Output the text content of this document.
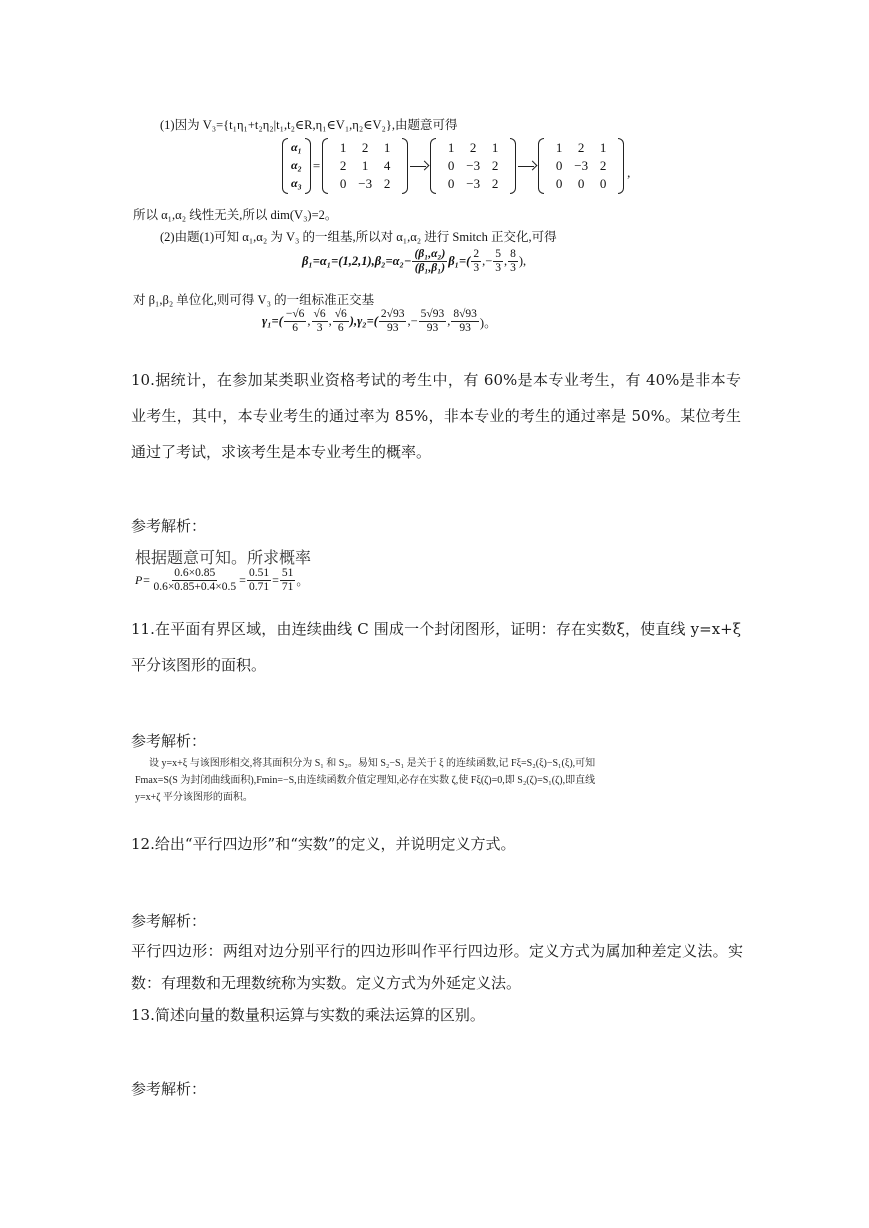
(1)因为 V₃={t₁η₁+t₂η₂|t₁,t₂∈R,η₁∈V₁,η₂∈V₂},由题意可得
α₁
α₂
α₃
=
1	2	1
2	1	4
0 −3 2
1	2	1
0 −3 2
0 −3 2
1	2	1
0 −3 2
0	0	0
,
所以 α₁,α₂ 线性无关,所以 dim(V₃)=2。
(2)由题(1)可知 α₁,α₂ 为 V₃ 的一组基,所以对 α₁,α₂ 进行 Smitch 正交化,可得
$\beta_1=\alpha_1=(1,2,1),\beta_2=\alpha_2- \frac{\text{(β₁,α₂)}}{\text{(β₁,β₁)}} \beta_1=( \frac{2}{3}$ , − $\frac{5}{3}$ , $\frac{8}{3}$ ),
对 β₁,β₂ 单位化,则可得 V₃ 的一组标准正交基
$\gamma_1=( \frac{-√6}{6}$ , $\frac{√6}{3}$ , $\frac{√6}{6} ),\gamma_2=( \frac{2√93}{93}$ , − $\frac{5√93}{93}$ , $\frac{8√93}{93}$ )。
10.据统计，在参加某类职业资格考试的考生中，有 60%是本专业考生，有 40%是非本专业考生，其中，本专业考生的通过率为 85%，非本专业的考生的通过率是 50%。某位考生通过了考试，求该考生是本专业考生的概率。
参考解析：
根据题意可知。所求概率
$P= \frac{0.6\times 0.85}{0.6\times 0.85+0.4\times 0.5} = \frac{0.51}{0.71} = \frac{51}{71}$ 。
11.在平面有界区域，由连续曲线 C 围成一个封闭图形，证明：存在实数ξ，使直线 y=x+ξ平分该图形的面积。
参考解析：

设 y=x+ξ 与该图形相交,将其面积分为 S₁ 和 S₂。易知 S₂−S₁ 是关于 ξ 的连续函数,记 Fξ=S₂(ξ)−S₁(ξ),可知

Fmax=S(S 为封闭曲线面积),Fmin=−S,由连续函数介值定理知,必存在实数 ζ,使 Fξ(ζ)=0,即 S₂(ζ)=S₁(ζ),即直线

y=x+ζ 平分该图形的面积。

12.给出“平行四边形”和“实数”的定义，并说明定义方式。
参考解析：
平行四边形：两组对边分别平行的四边形叫作平行四边形。定义方式为属加种差定义法。实数：有理数和无理数统称为实数。定义方式为外延定义法。
13.简述向量的数量积运算与实数的乘法运算的区别。
参考解析：
